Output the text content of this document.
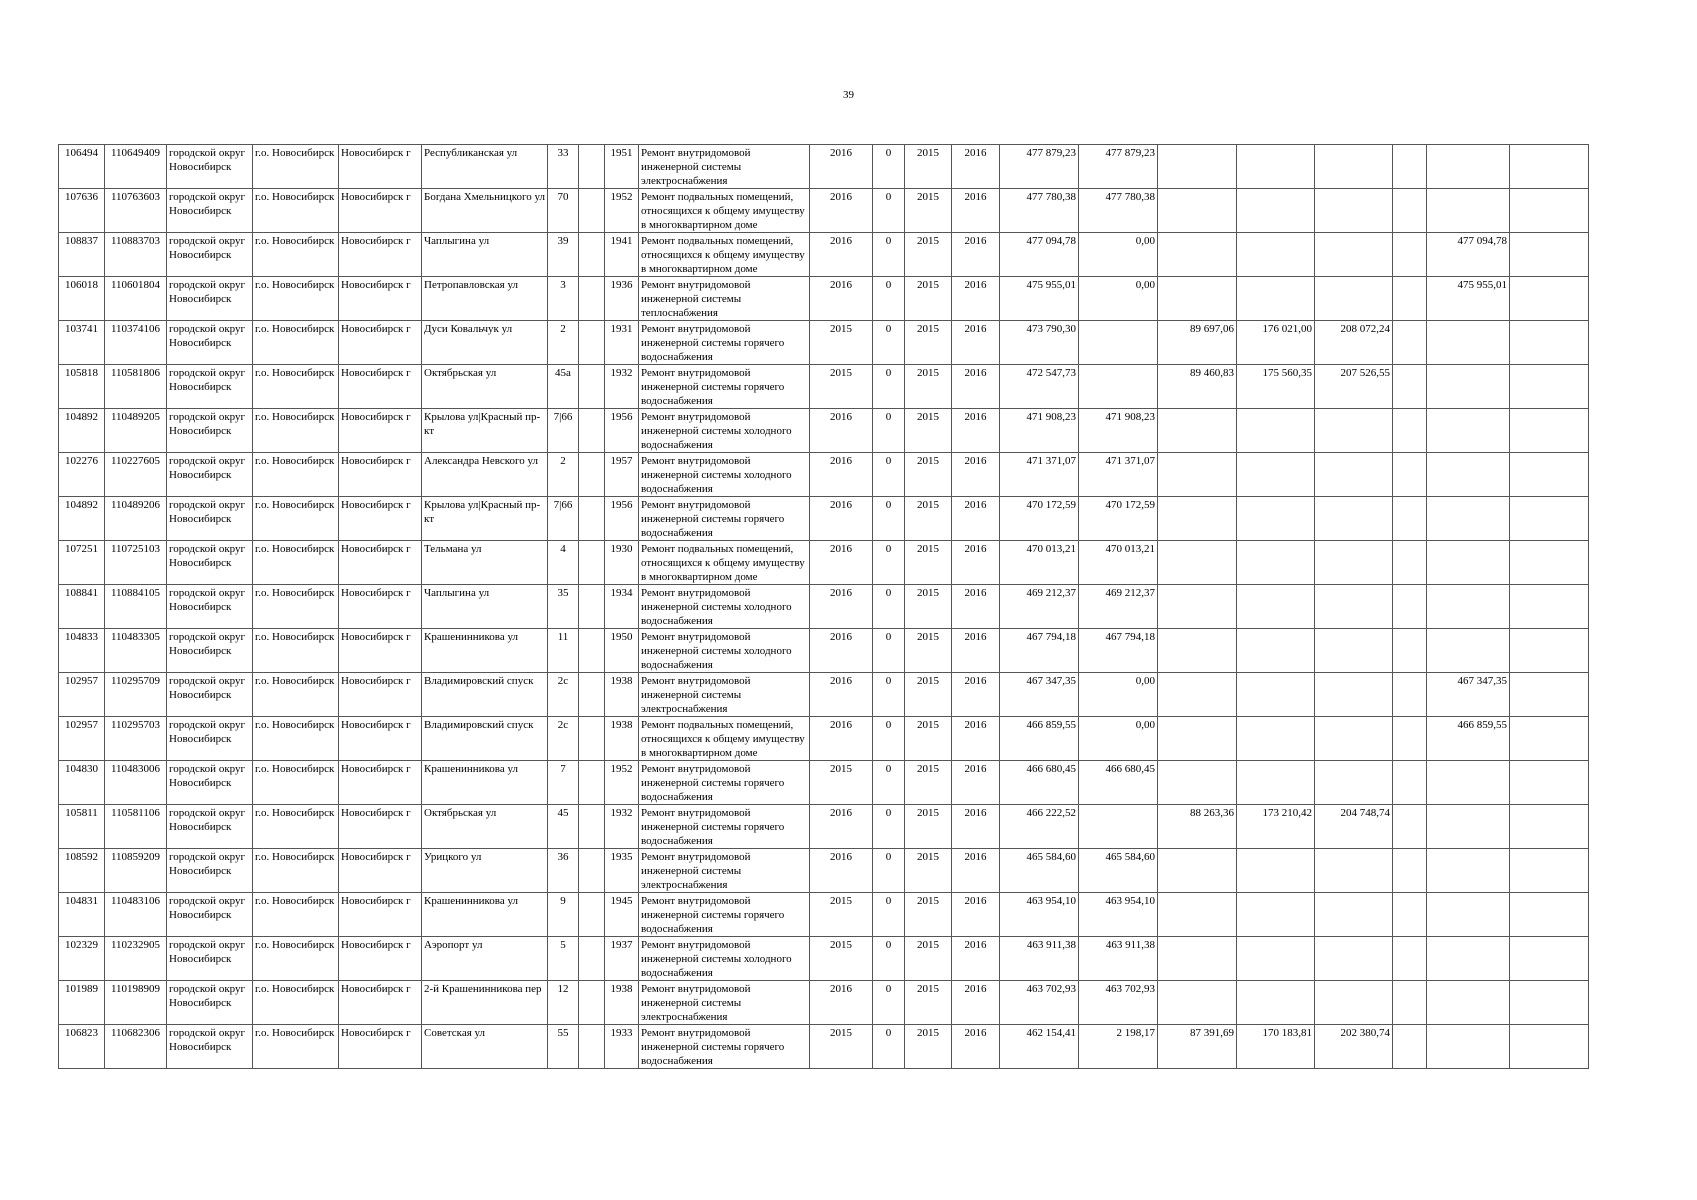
39
106494	110649409	городской округ Новосибирск	г.о. Новосибирск	Новосибирск г	Республиканская ул	33		1951	Ремонт внутридомовой инженерной системы электроснабжения	2016	0	2015	2016	477 879,23	477 879,23						
107636	110763603	городской округ Новосибирск	г.о. Новосибирск	Новосибирск г	Богдана Хмельницкого ул	70		1952	Ремонт подвальных помещений, относящихся к общему имуществу в многоквартирном доме	2016	0	2015	2016	477 780,38	477 780,38						
108837	110883703	городской округ Новосибирск	г.о. Новосибирск	Новосибирск г	Чаплыгина ул	39		1941	Ремонт подвальных помещений, относящихся к общему имуществу в многоквартирном доме	2016	0	2015	2016	477 094,78	0,00					477 094,78	
106018	110601804	городской округ Новосибирск	г.о. Новосибирск	Новосибирск г	Петропавловская ул	3		1936	Ремонт внутридомовой инженерной системы теплоснабжения	2016	0	2015	2016	475 955,01	0,00					475 955,01	
103741	110374106	городской округ Новосибирск	г.о. Новосибирск	Новосибирск г	Дуси Ковальчук ул	2		1931	Ремонт внутридомовой инженерной системы горячего водоснабжения	2015	0	2015	2016	473 790,30		89 697,06	176 021,00	208 072,24			
105818	110581806	городской округ Новосибирск	г.о. Новосибирск	Новосибирск г	Октябрьская ул	45а		1932	Ремонт внутридомовой инженерной системы горячего водоснабжения	2015	0	2015	2016	472 547,73		89 460,83	175 560,35	207 526,55			
104892	110489205	городской округ Новосибирск	г.о. Новосибирск	Новосибирск г	Крылова ул|Красный пр-кт	7|66		1956	Ремонт внутридомовой инженерной системы холодного водоснабжения	2016	0	2015	2016	471 908,23	471 908,23						
102276	110227605	городской округ Новосибирск	г.о. Новосибирск	Новосибирск г	Александра Невского ул	2		1957	Ремонт внутридомовой инженерной системы холодного водоснабжения	2016	0	2015	2016	471 371,07	471 371,07						
104892	110489206	городской округ Новосибирск	г.о. Новосибирск	Новосибирск г	Крылова ул|Красный пр-кт	7|66		1956	Ремонт внутридомовой инженерной системы горячего водоснабжения	2016	0	2015	2016	470 172,59	470 172,59						
107251	110725103	городской округ Новосибирск	г.о. Новосибирск	Новосибирск г	Тельмана ул	4		1930	Ремонт подвальных помещений, относящихся к общему имуществу в многоквартирном доме	2016	0	2015	2016	470 013,21	470 013,21						
108841	110884105	городской округ Новосибирск	г.о. Новосибирск	Новосибирск г	Чаплыгина ул	35		1934	Ремонт внутридомовой инженерной системы холодного водоснабжения	2016	0	2015	2016	469 212,37	469 212,37						
104833	110483305	городской округ Новосибирск	г.о. Новосибирск	Новосибирск г	Крашенинникова ул	11		1950	Ремонт внутридомовой инженерной системы холодного водоснабжения	2016	0	2015	2016	467 794,18	467 794,18						
102957	110295709	городской округ Новосибирск	г.о. Новосибирск	Новосибирск г	Владимировский спуск	2с		1938	Ремонт внутридомовой инженерной системы электроснабжения	2016	0	2015	2016	467 347,35	0,00					467 347,35	
102957	110295703	городской округ Новосибирск	г.о. Новосибирск	Новосибирск г	Владимировский спуск	2с		1938	Ремонт подвальных помещений, относящихся к общему имуществу в многоквартирном доме	2016	0	2015	2016	466 859,55	0,00					466 859,55	
104830	110483006	городской округ Новосибирск	г.о. Новосибирск	Новосибирск г	Крашенинникова ул	7		1952	Ремонт внутридомовой инженерной системы горячего водоснабжения	2015	0	2015	2016	466 680,45	466 680,45						
105811	110581106	городской округ Новосибирск	г.о. Новосибирск	Новосибирск г	Октябрьская ул	45		1932	Ремонт внутридомовой инженерной системы горячего водоснабжения	2016	0	2015	2016	466 222,52		88 263,36	173 210,42	204 748,74			
108592	110859209	городской округ Новосибирск	г.о. Новосибирск	Новосибирск г	Урицкого ул	36		1935	Ремонт внутридомовой инженерной системы электроснабжения	2016	0	2015	2016	465 584,60	465 584,60						
104831	110483106	городской округ Новосибирск	г.о. Новосибирск	Новосибирск г	Крашенинникова ул	9		1945	Ремонт внутридомовой инженерной системы горячего водоснабжения	2015	0	2015	2016	463 954,10	463 954,10						
102329	110232905	городской округ Новосибирск	г.о. Новосибирск	Новосибирск г	Аэропорт ул	5		1937	Ремонт внутридомовой инженерной системы холодного водоснабжения	2015	0	2015	2016	463 911,38	463 911,38						
101989	110198909	городской округ Новосибирск	г.о. Новосибирск	Новосибирск г	2-й Крашенинникова пер	12		1938	Ремонт внутридомовой инженерной системы электроснабжения	2016	0	2015	2016	463 702,93	463 702,93						
106823	110682306	городской округ Новосибирск	г.о. Новосибирск	Новосибирск г	Советская ул	55		1933	Ремонт внутридомовой инженерной системы горячего водоснабжения	2015	0	2015	2016	462 154,41	2 198,17	87 391,69	170 183,81	202 380,74			
